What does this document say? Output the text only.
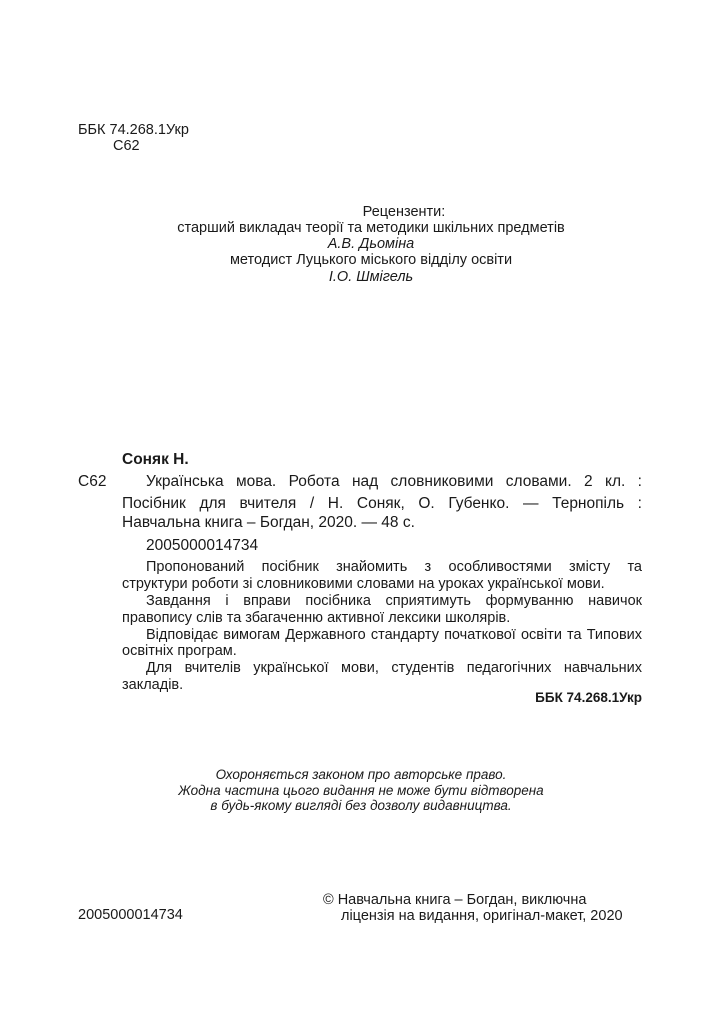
ББК 74.268.1Укр
С62
Рецензенти:
старший викладач теорії та методики шкільних предметів
А.В. Дьоміна
методист Луцького міського відділу освіти
І.О. Шмігель
Соняк Н.
С62	Українська мова. Робота над словниковими словами. 2 кл. :
Посібник для вчителя / Н. Соняк, О. Губенко. — Тернопіль :
Навчальна книга – Богдан, 2020. — 48 с.
2005000014734
Пропонований посібник знайомить з особливостями змісту та
структури роботи зі словниковими словами на уроках української мови.
Завдання і вправи посібника сприятимуть формуванню навичок
правопису слів та збагаченню активної лексики школярів.
Відповідає вимогам Державного стандарту початкової освіти та Типових
освітніх програм.
Для вчителів української мови, студентів педагогічних навчальних
закладів.
ББК 74.268.1Укр
Охороняється законом про авторське право.
Жодна частина цього видання не може бути відтворена
в будь-якому вигляді без дозволу видавництва.
2005000014734
© Навчальна книга – Богдан, виключна
ліцензія на видання, оригінал-макет, 2020
